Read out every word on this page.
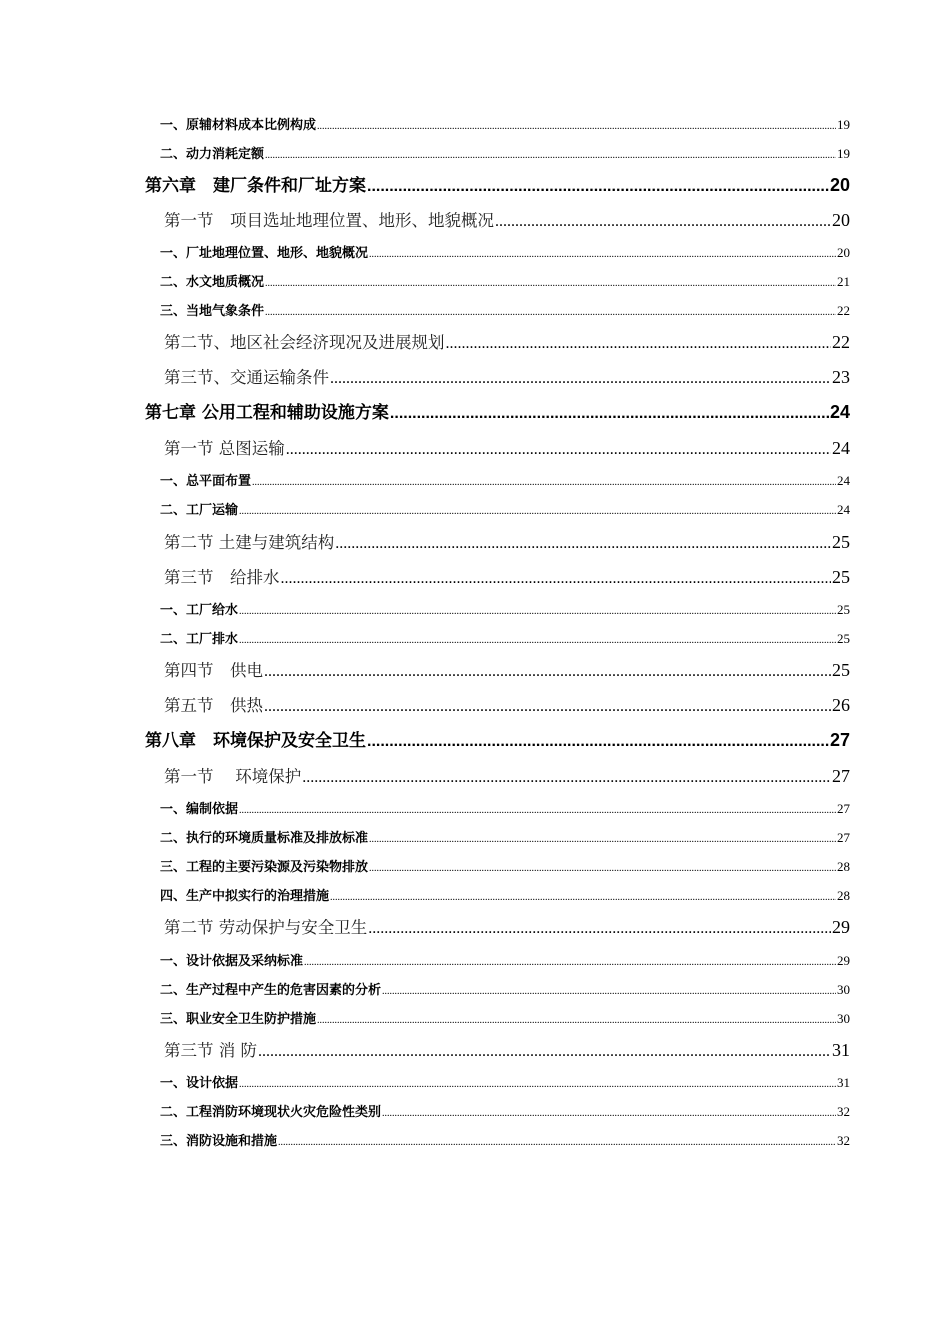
一、原辅材料成本比例构成 .....	19
二、动力消耗定额 .....	19
第六章　建厂条件和厂址方案 .....	20
第一节　项目选址地理位置、地形、地貌概况 .....	20
一、厂址地理位置、地形、地貌概况 .....	20
二、水文地质概况 .....	21
三、当地气象条件 .....	22
第二节、地区社会经济现况及进展规划 .....	22
第三节、交通运输条件 .....	23
第七章 公用工程和辅助设施方案 .....	24
第一节 总图运输 .....	24
一、总平面布置 .....	24
二、工厂运输 .....	24
第二节 土建与建筑结构 .....	25
第三节　给排水 .....	25
一、工厂给水 .....	25
二、工厂排水 .....	25
第四节　供电 .....	25
第五节　供热 .....	26
第八章　环境保护及安全卫生 .....	27
第一节　 环境保护 .....	27
一、编制依据 .....	27
二、执行的环境质量标准及排放标准 .....	27
三、工程的主要污染源及污染物排放 .....	28
四、生产中拟实行的治理措施 .....	28
第二节 劳动保护与安全卫生 .....	29
一、设计依据及采纳标准 .....	29
二、生产过程中产生的危害因素的分析 .....	30
三、职业安全卫生防护措施 .....	30
第三节 消 防 .....	31
一、设计依据 .....	31
二、工程消防环境现状火灾危险性类别 .....	32
三、消防设施和措施 .....	32
